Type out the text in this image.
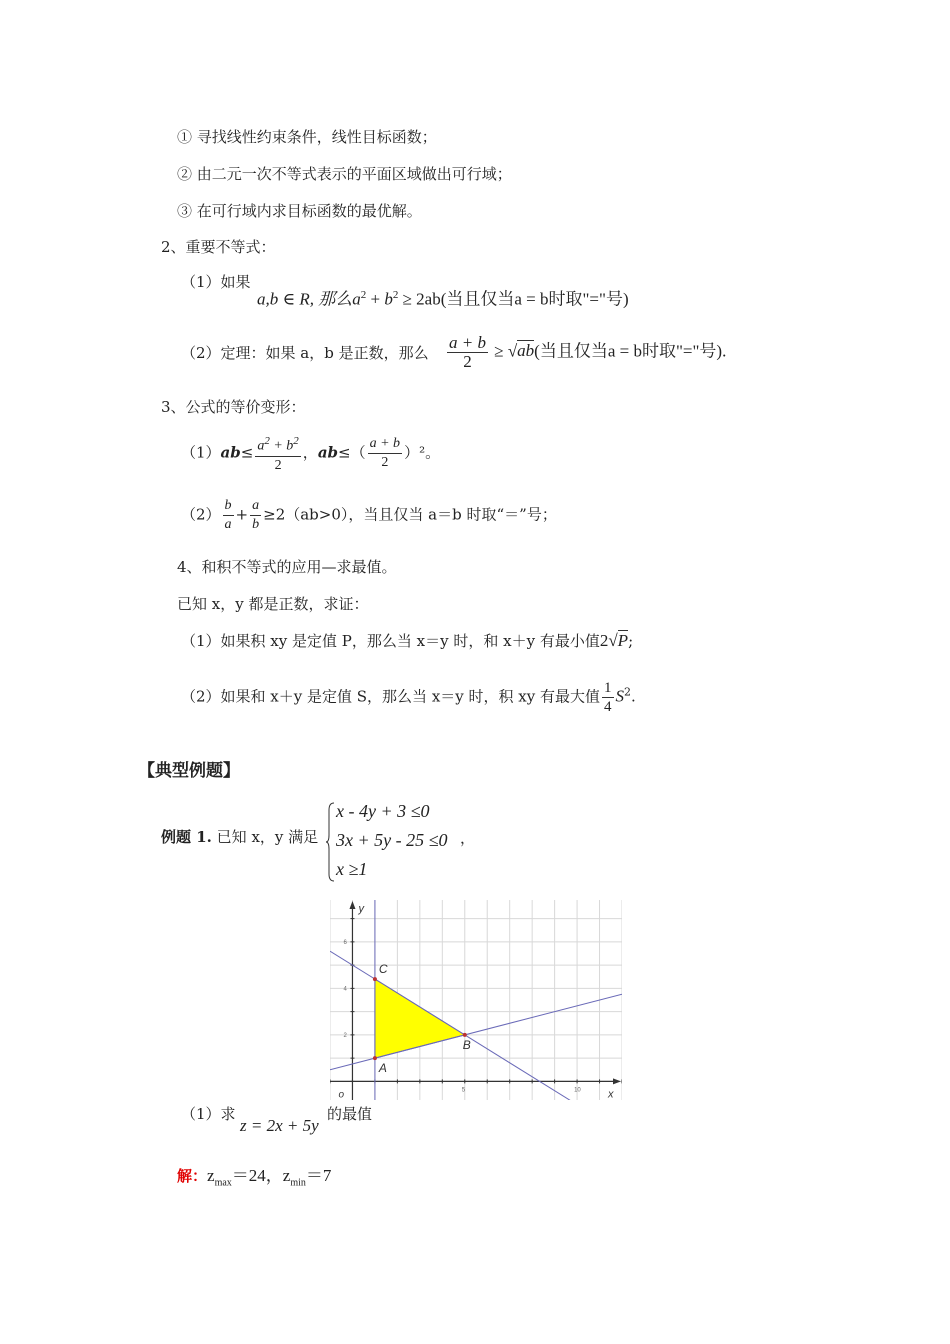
① 寻找线性约束条件，线性目标函数；
② 由二元一次不等式表示的平面区域做出可行域；
③ 在可行域内求目标函数的最优解。
2、重要不等式：
（1）如果
a,b ∈ R, 那么$a^2 + b^2 \ge 2ab$(当且仅当a = b时取"="号)
（2）定理：如果 a，b 是正数，那么 $\frac{a + b}{2} \ge √ab$(当且仅当a = b时取"="号).
3、公式的等价变形：
$(1)ab\le \frac{a^2 + b^2}{2}$ ，$ab\le( \frac{a + b}{2} )^2$。
$(2) \frac{b}{a} + \frac{a}{b} \ge 2(ab>0)$，当且仅当 a＝b 时取“＝”号；
4、和积不等式的应用—求最值。
已知 x，y 都是正数，求证：
（1）如果积 xy 是定值 P，那么当 x＝y 时，和 x＋y 有最小值2√P;
（2）如果和 x＋y 是定值 S，那么当 x＝y 时，积 xy 有最大值 $\frac{1}{4} S^2$.
【典型例题】
例题 1. 已知 x，y 满足
x - 4y + 3 ≤0
3x + 5y - 25 ≤0
x ≥1
，
A
B
C
5	10
2
4
6
x
y
o
（1）求
z = 2x + 5y
的最值
解：$z_{max}=24$，$z_{min}=7$
